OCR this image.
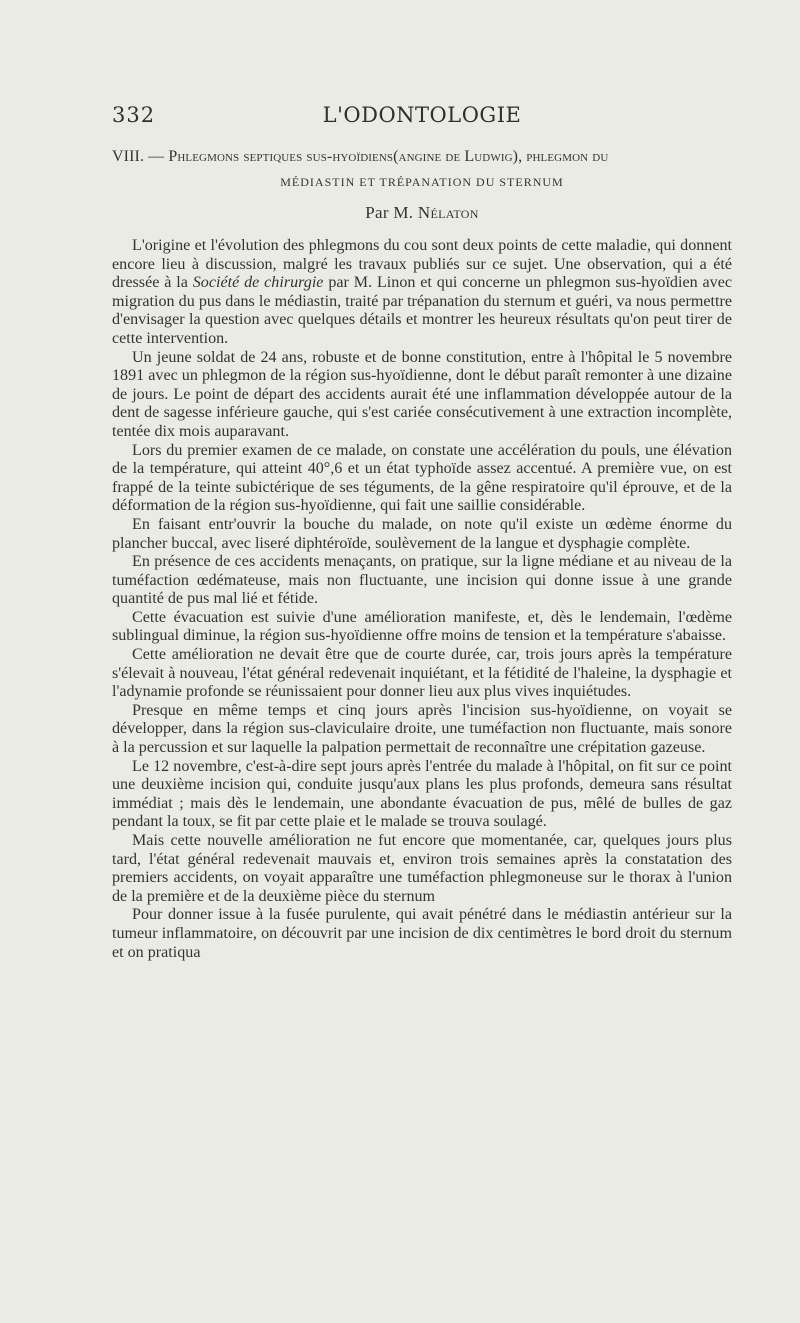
332	L'ODONTOLOGIE
VIII. — Phlegmons septiques sus-hyoïdiens(angine de Ludwig), phlegmon du
MÉDIASTIN ET TRÉPANATION DU STERNUM
Par M. Nélaton

L'origine et l'évolution des phlegmons du cou sont deux points de cette maladie, qui donnent encore lieu à discussion, malgré les travaux publiés sur ce sujet. Une observation, qui a été dressée à la Société de chirurgie par M. Linon et qui concerne un phlegmon sus-hyoïdien avec migration du pus dans le médiastin, traité par trépanation du sternum et guéri, va nous permettre d'envisager la question avec quelques détails et montrer les heureux résultats qu'on peut tirer de cette intervention.

Un jeune soldat de 24 ans, robuste et de bonne constitution, entre à l'hôpital le 5 novembre 1891 avec un phlegmon de la région sus-hyoïdienne, dont le début paraît remonter à une dizaine de jours. Le point de départ des accidents aurait été une inflammation développée autour de la dent de sagesse inférieure gauche, qui s'est cariée consécutivement à une extraction incomplète, tentée dix mois auparavant.

Lors du premier examen de ce malade, on constate une accélération du pouls, une élévation de la température, qui atteint 40°,6 et un état typhoïde assez accentué. A première vue, on est frappé de la teinte subictérique de ses téguments, de la gêne respiratoire qu'il éprouve, et de la déformation de la région sus-hyoïdienne, qui fait une saillie considérable.

En faisant entr'ouvrir la bouche du malade, on note qu'il existe un œdème énorme du plancher buccal, avec liseré diphtéroïde, soulèvement de la langue et dysphagie complète.

En présence de ces accidents menaçants, on pratique, sur la ligne médiane et au niveau de la tuméfaction œdémateuse, mais non fluctuante, une incision qui donne issue à une grande quantité de pus mal lié et fétide.

Cette évacuation est suivie d'une amélioration manifeste, et, dès le lendemain, l'œdème sublingual diminue, la région sus-hyoïdienne offre moins de tension et la température s'abaisse.

Cette amélioration ne devait être que de courte durée, car, trois jours après la température s'élevait à nouveau, l'état général redevenait inquiétant, et la fétidité de l'haleine, la dysphagie et l'adynamie profonde se réunissaient pour donner lieu aux plus vives inquiétudes.

Presque en même temps et cinq jours après l'incision sus-hyoïdienne, on voyait se développer, dans la région sus-claviculaire droite, une tuméfaction non fluctuante, mais sonore à la percussion et sur laquelle la palpation permettait de reconnaître une crépitation gazeuse.

Le 12 novembre, c'est-à-dire sept jours après l'entrée du malade à l'hôpital, on fit sur ce point une deuxième incision qui, conduite jusqu'aux plans les plus profonds, demeura sans résultat immédiat ; mais dès le lendemain, une abondante évacuation de pus, mêlé de bulles de gaz pendant la toux, se fit par cette plaie et le malade se trouva soulagé.

Mais cette nouvelle amélioration ne fut encore que momentanée, car, quelques jours plus tard, l'état général redevenait mauvais et, environ trois semaines après la constatation des premiers accidents, on voyait apparaître une tuméfaction phlegmoneuse sur le thorax à l'union de la première et de la deuxième pièce du sternum

Pour donner issue à la fusée purulente, qui avait pénétré dans le médiastin antérieur sur la tumeur inflammatoire, on découvrit par une incision de dix centimètres le bord droit du sternum et on pratiqua
